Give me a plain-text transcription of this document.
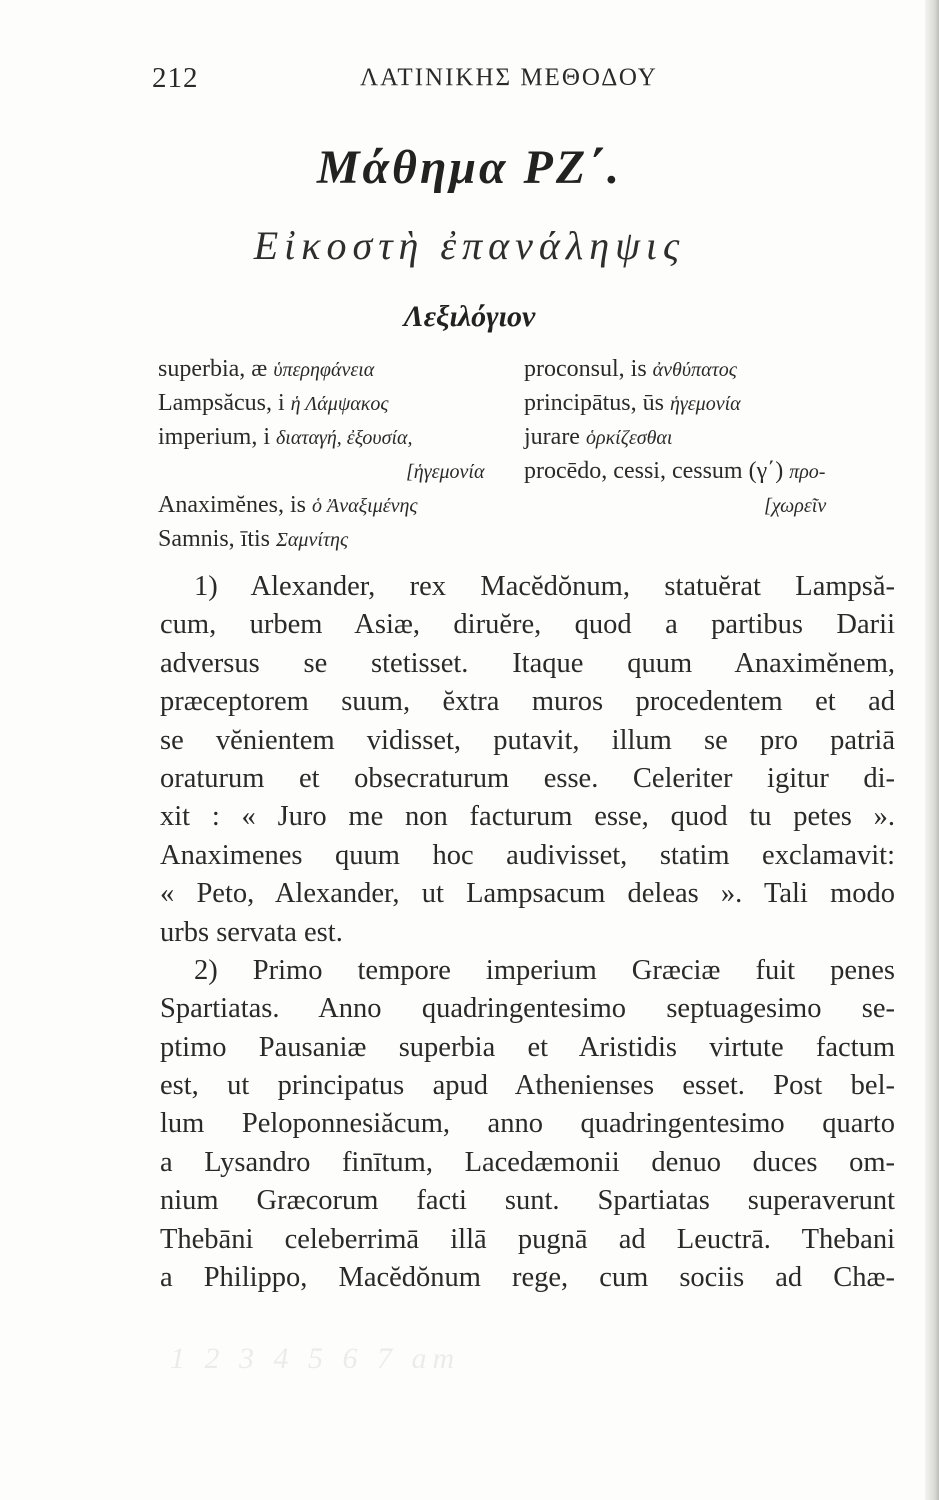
212	ΛΑΤΙΝΙΚΗΣ ΜΕΘΟΔΟΥ
Μάθημα ΡΖ΄.
Εἰκοστὴ ἐπανάληψις
Λεξιλόγιον
superbia, æ ὑπερηφάνεια
Lampsăcus, i ἡ Λάμψακος
imperium, i διαταγή, ἐξουσία,
[ἡγεμονία
Anaximĕnes, is ὁ Ἀναξιμένης
Samnis, ītis Σαμνίτης
proconsul, is ἀνθύπατος
principātus, ūs ἡγεμονία
jurare ὁρκίζεσθαι
procēdo, cessi, cessum (γ΄) προ-
[χωρεῖν
1) Alexander, rex Macĕdŏnum, statuĕrat Lampsă-
cum, urbem Asiæ, diruĕre, quod a partibus Darii
adversus se stetisset. Itaque quum Anaximĕnem,
præceptorem suum, ĕxtra muros procedentem et ad
se vĕnientem vidisset, putavit, illum se pro patriā
oraturum et obsecraturum esse. Celeriter igitur di-
xit : « Juro me non facturum esse, quod tu petes ».
Anaximenes quum hoc audivisset, statim exclamavit:
« Peto, Alexander, ut Lampsacum deleas ». Tali modo
urbs servata est.
2) Primo tempore imperium Græciæ fuit penes
Spartiatas. Anno quadringentesimo septuagesimo se-
ptimo Pausaniæ superbia et Aristidis virtute factum
est, ut principatus apud Athenienses esset. Post bel-
lum Peloponnesiăcum, anno quadringentesimo quarto
a Lysandro finītum, Lacedæmonii denuo duces om-
nium Græcorum facti sunt. Spartiatas superaverunt
Thebāni celeberrimā illā pugnā ad Leuctrā. Thebani
a Philippo, Macĕdŏnum rege, cum sociis ad Chæ-
1 2 3 4 5 6 7 am
